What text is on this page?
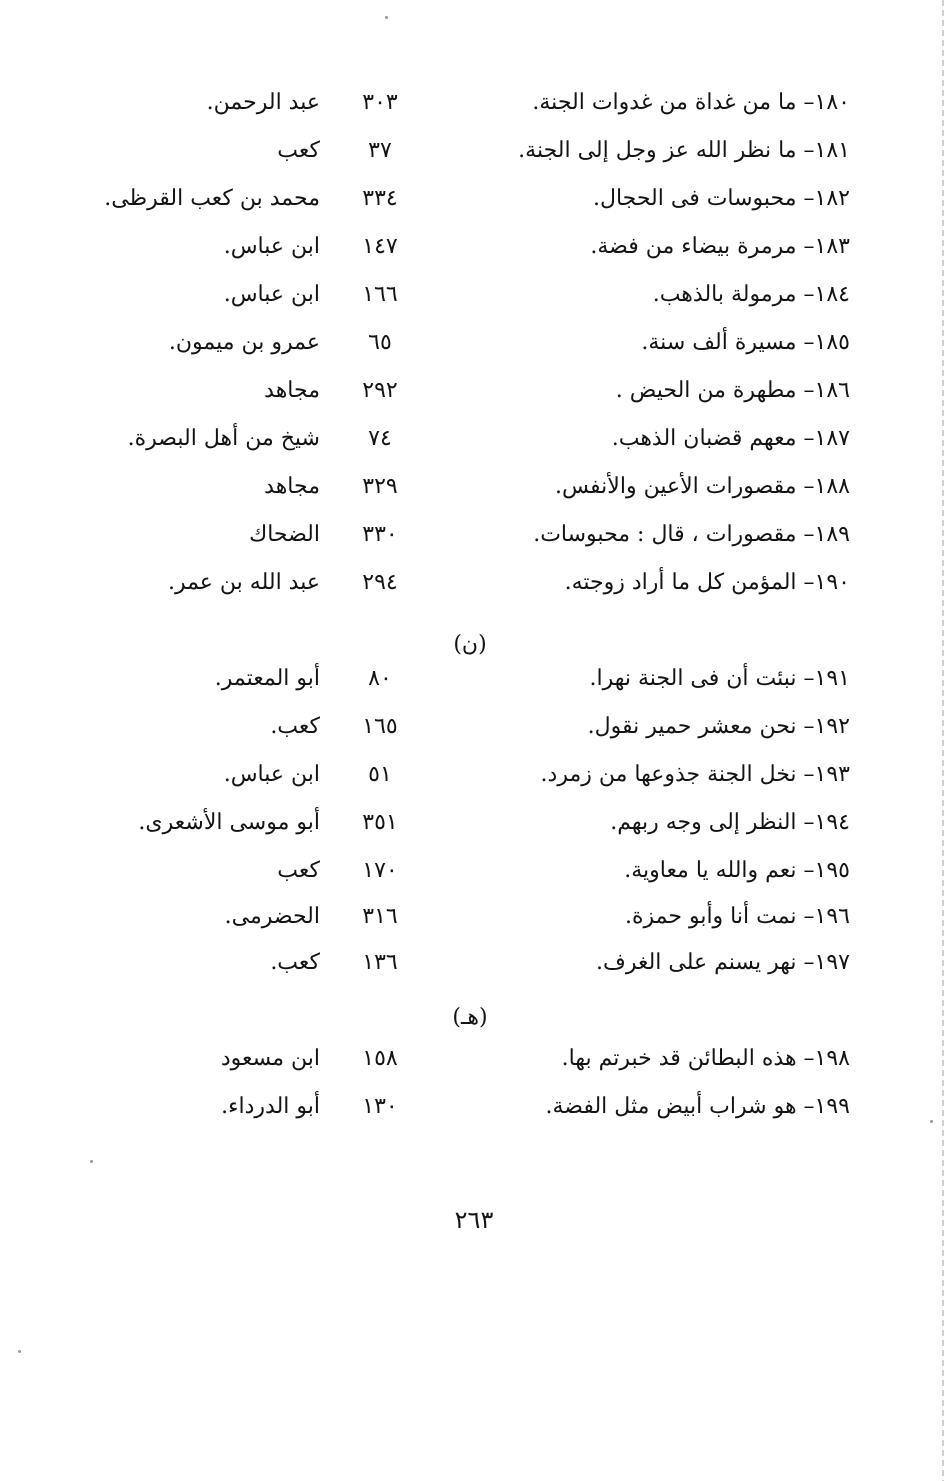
١٨٠– ما من غداة من غدوات الجنة.
٣٠٣
عبد الرحمن.
١٨١– ما نظر الله عز وجل إلى الجنة.
٣٧
كعب
١٨٢– محبوسات فى الحجال.
٣٣٤
محمد بن كعب القرظى.
١٨٣– مرمرة بيضاء من فضة.
١٤٧
ابن عباس.
١٨٤– مرمولة بالذهب.
١٦٦
ابن عباس.
١٨٥– مسيرة ألف سنة.
٦٥
عمرو بن ميمون.
١٨٦– مطهرة من الحيض .
٢٩٢
مجاهد
١٨٧– معهم قضبان الذهب.
٧٤
شيخ من أهل البصرة.
١٨٨– مقصورات الأعين والأنفس.
٣٢٩
مجاهد
١٨٩– مقصورات ، قال : محبوسات.
٣٣٠
الضحاك
١٩٠– المؤمن كل ما أراد زوجته.
٢٩٤
عبد الله بن عمر.
(ن)
١٩١– نبئت أن فى الجنة نهرا.
٨٠
أبو المعتمر.
١٩٢– نحن معشر حمير نقول.
١٦٥
كعب.
١٩٣– نخل الجنة جذوعها من زمرد.
٥١
ابن عباس.
١٩٤– النظر إلى وجه ربهم.
٣٥١
أبو موسى الأشعرى.
١٩٥– نعم والله يا معاوية.
١٧٠
كعب
١٩٦– نمت أنا وأبو حمزة.
٣١٦
الحضرمى.
١٩٧– نهر يسنم على الغرف.
١٣٦
كعب.
(هـ)
١٩٨– هذه البطائن قد خبرتم بها.
١٥٨
ابن مسعود
١٩٩– هو شراب أبيض مثل الفضة.
١٣٠
أبو الدرداء.
٢٦٣
